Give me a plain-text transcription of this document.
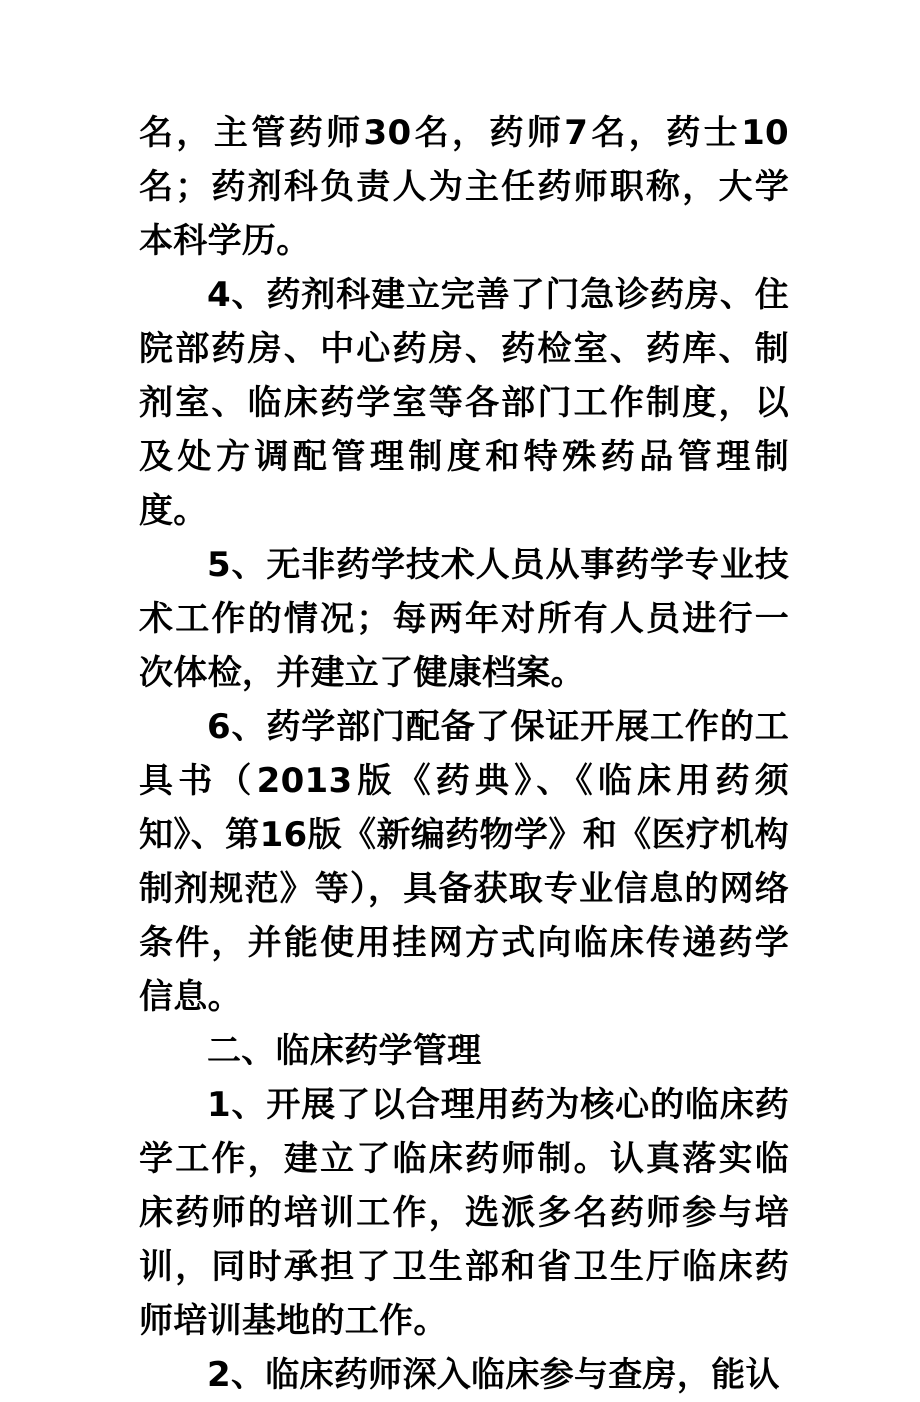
名，主管药师30名，药师7名，药士10名；药剂科负责人为主任药师职称，大学本科学历。

4、药剂科建立完善了门急诊药房、住院部药房、中心药房、药检室、药库、制剂室、临床药学室等各部门工作制度，以及处方调配管理制度和特殊药品管理制度。

5、无非药学技术人员从事药学专业技术工作的情况；每两年对所有人员进行一次体检，并建立了健康档案。

6、药学部门配备了保证开展工作的工具书（2013版《药典》、《临床用药须知》、第16版《新编药物学》和《医疗机构制剂规范》等），具备获取专业信息的网络条件，并能使用挂网方式向临床传递药学信息。

二、临床药学管理

1、开展了以合理用药为核心的临床药学工作，建立了临床药师制。认真落实临床药师的培训工作，选派多名药师参与培训，同时承担了卫生部和省卫生厅临床药师培训基地的工作。

2、临床药师深入临床参与查房，能认
